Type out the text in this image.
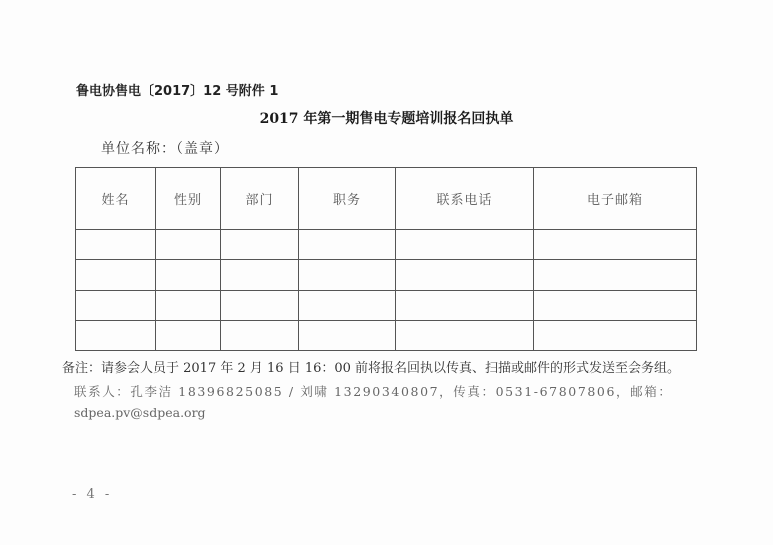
鲁电协售电〔2017〕12 号附件 1
2017 年第一期售电专题培训报名回执单
单位名称：（盖章）
姓名	性别	部门	职务	联系电话	电子邮箱

备注：请参会人员于 2017 年 2 月 16 日 16：00 前将报名回执以传真、扫描或邮件的形式发送至会务组。
联系人：孔李洁 18396825085 / 刘啸 13290340807，传真：0531-67807806，邮箱：
sdpea.pv@sdpea.org
- 4 -
